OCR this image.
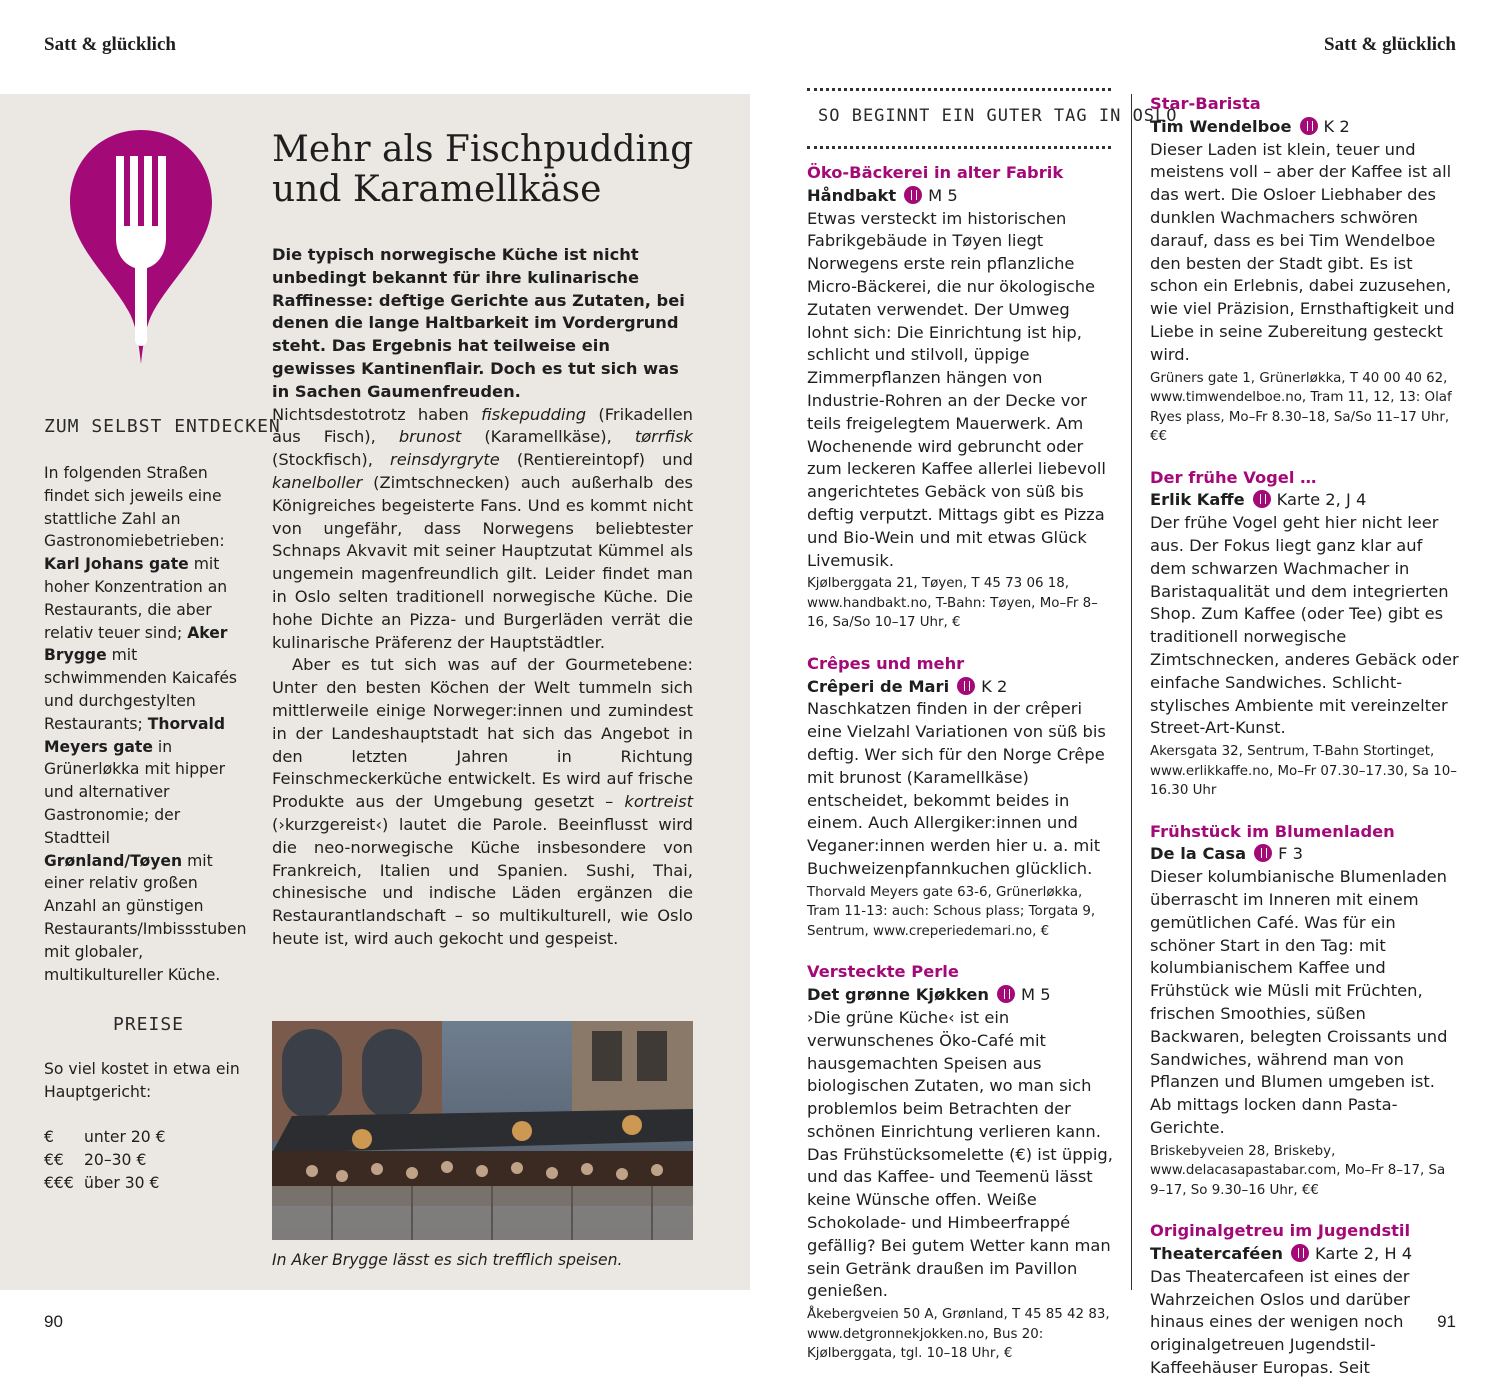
Satt & glücklich	Satt & glücklich
ZUM SELBST ENTDECKEN
In folgenden Straßen findet sich jeweils eine stattliche Zahl an Gastronomiebetrieben: Karl Johans gate mit hoher Konzentration an Restaurants, die aber relativ teuer sind; Aker Brygge mit schwimmenden Kaicafés und durchgestylten Restaurants; Thorvald Meyers gate in Grünerløkka mit hipper und alternativer Gastronomie; der Stadtteil Grønland/Tøyen mit einer relativ großen Anzahl an günstigen Restaurants/Imbissstuben mit globaler, multikultureller Küche.
PREISE
So viel kostet in etwa ein Hauptgericht:
€	unter 20 €
€€	20–30 €
€€€ über 30 €
Mehr als Fischpudding und Karamellkäse

Die typisch norwegische Küche ist nicht unbedingt bekannt für ihre kulinarische Raffinesse: deftige Gerichte aus Zutaten, bei denen die lange Haltbarkeit im Vordergrund steht. Das Ergebnis hat teilweise ein gewisses Kantinenflair. Doch es tut sich was in Sachen Gaumenfreuden.

Nichtsdestotrotz haben fiskepudding (Frikadellen aus Fisch), brunost (Karamellkäse), tørrfisk (Stockfisch), reinsdyrgryte (Rentiereintopf) und kanelboller (Zimtschnecken) auch außerhalb des Königreiches begeisterte Fans. Und es kommt nicht von ungefähr, dass Norwegens beliebtester Schnaps Akvavit mit seiner Hauptzutat Kümmel als ungemein magenfreundlich gilt. Leider findet man in Oslo selten traditionell norwegische Küche. Die hohe Dichte an Pizza- und Burgerläden verrät die kulinarische Präferenz der Hauptstädtler.

Aber es tut sich was auf der Gourmetebene: Unter den besten Köchen der Welt tummeln sich mittlerweile einige Norweger:innen und zumindest in der Landeshauptstadt hat sich das Angebot in den letzten Jahren in Richtung Feinschmeckerküche entwickelt. Es wird auf frische Produkte aus der Umgebung gesetzt – kortreist (›kurzgereist‹) lautet die Parole. Beeinflusst wird die neo-norwegische Küche insbesondere von Frankreich, Italien und Spanien. Sushi, Thai, chinesische und indische Läden ergänzen die Restaurantlandschaft – so multikulturell, wie Oslo heute ist, wird auch gekocht und gespeist.

In Aker Brygge lässt es sich trefflich speisen.
SO BEGINNT EIN GUTER TAG IN OSLO
Öko-Bäckerei in alter Fabrik
Håndbakt M 5

Etwas versteckt im historischen Fabrikgebäude in Tøyen liegt Norwegens erste rein pflanzliche Micro-Bäckerei, die nur ökologische Zutaten verwendet. Der Umweg lohnt sich: Die Einrichtung ist hip, schlicht und stilvoll, üppige Zimmerpflanzen hängen von Industrie-Rohren an der Decke vor teils freigelegtem Mauerwerk. Am Wochenende wird gebruncht oder zum leckeren Kaffee allerlei liebevoll angerichtetes Gebäck von süß bis deftig verputzt. Mittags gibt es Pizza und Bio-Wein und mit etwas Glück Livemusik.

Kjølberggata 21, Tøyen, T 45 73 06 18, www.handbakt.no, T-Bahn: Tøyen, Mo–Fr 8–16, Sa/So 10–17 Uhr, €

Crêpes und mehr
Crêperi de Mari K 2

Naschkatzen finden in der crêperi eine Vielzahl Variationen von süß bis deftig. Wer sich für den Norge Crêpe mit brunost (Karamellkäse) entscheidet, bekommt beides in einem. Auch Allergiker:innen und Veganer:innen werden hier u. a. mit Buchweizenpfannkuchen glücklich.

Thorvald Meyers gate 63-6, Grünerløkka, Tram 11-13: auch: Schous plass; Torgata 9, Sentrum, www.creperiedemari.no, €

Versteckte Perle
Det grønne Kjøkken M 5

›Die grüne Küche‹ ist ein verwunschenes Öko-Café mit hausgemachten Speisen aus biologischen Zutaten, wo man sich problemlos beim Betrachten der schönen Einrichtung verlieren kann. Das Frühstücksomelette (€) ist üppig, und das Kaffee- und Teemenü lässt keine Wünsche offen. Weiße Schokolade- und Himbeerfrappé gefällig? Bei gutem Wetter kann man sein Getränk draußen im Pavillon genießen.

Åkebergveien 50 A, Grønland, T 45 85 42 83, www.detgronnekjokken.no, Bus 20: Kjølberggata, tgl. 10–18 Uhr, €

Star-Barista
Tim Wendelboe K 2

Dieser Laden ist klein, teuer und meistens voll – aber der Kaffee ist all das wert. Die Osloer Liebhaber des dunklen Wachmachers schwören darauf, dass es bei Tim Wendelboe den besten der Stadt gibt. Es ist schon ein Erlebnis, dabei zuzusehen, wie viel Präzision, Ernsthaftigkeit und Liebe in seine Zubereitung gesteckt wird.

Grüners gate 1, Grünerløkka, T 40 00 40 62, www.timwendelboe.no, Tram 11, 12, 13: Olaf Ryes plass, Mo–Fr 8.30–18, Sa/So 11–17 Uhr, €€

Der frühe Vogel …
Erlik Kaffe Karte 2, J 4

Der frühe Vogel geht hier nicht leer aus. Der Fokus liegt ganz klar auf dem schwarzen Wachmacher in Baristaqualität und dem integrierten Shop. Zum Kaffee (oder Tee) gibt es traditionell norwegische Zimtschnecken, anderes Gebäck oder einfache Sandwiches. Schlicht-stylisches Ambiente mit vereinzelter Street-Art-Kunst.

Akersgata 32, Sentrum, T-Bahn Stortinget, www.erlikkaffe.no, Mo–Fr 07.30–17.30, Sa 10–16.30 Uhr

Frühstück im Blumenladen
De la Casa F 3

Dieser kolumbianische Blumenladen überrascht im Inneren mit einem gemütlichen Café. Was für ein schöner Start in den Tag: mit kolumbianischem Kaffee und Frühstück wie Müsli mit Früchten, frischen Smoothies, süßen Backwaren, belegten Croissants und Sandwiches, während man von Pflanzen und Blumen umgeben ist. Ab mittags locken dann Pasta-Gerichte.

Briskebyveien 28, Briskeby, www.delacasapastabar.com, Mo–Fr 8–17, Sa 9–17, So 9.30–16 Uhr, €€

Originalgetreu im Jugendstil
Theatercaféen Karte 2, H 4

Das Theatercafeen ist eines der Wahrzeichen Oslos und darüber hinaus eines der wenigen noch originalgetreuen Jugendstil-Kaffeehäuser Europas. Seit

90	91
